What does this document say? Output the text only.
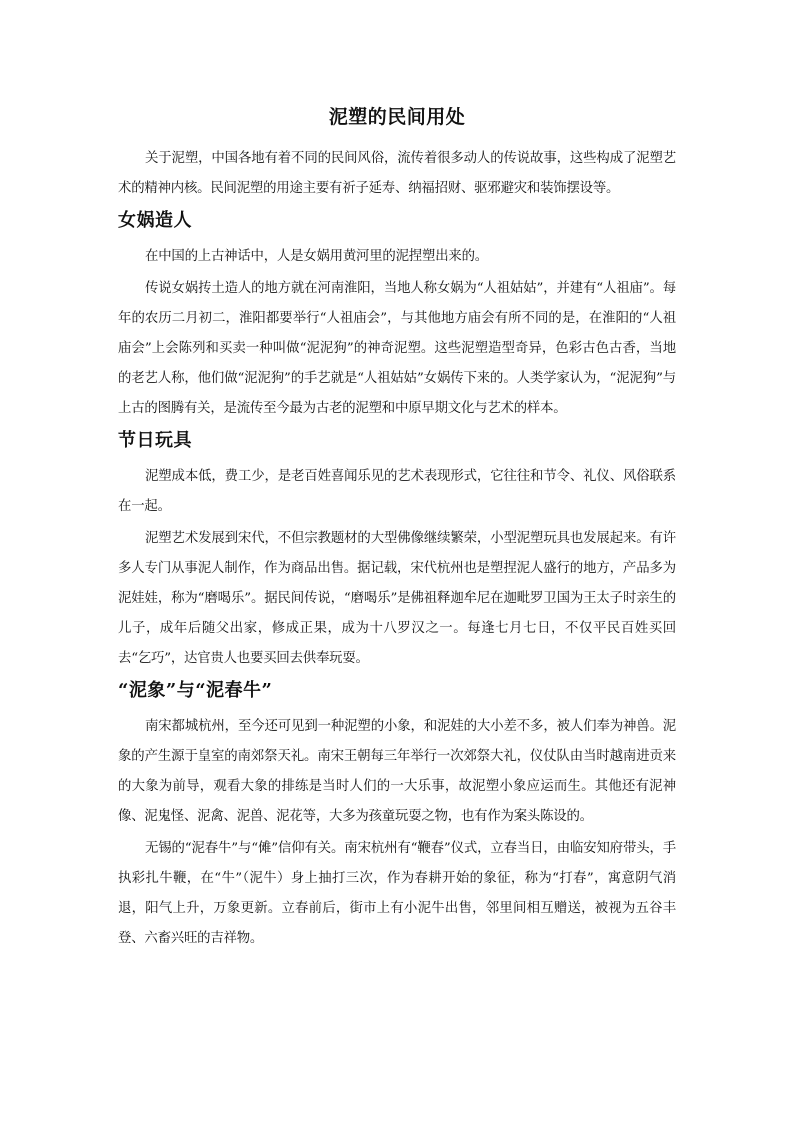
泥塑的民间用处

关于泥塑，中国各地有着不同的民间风俗，流传着很多动人的传说故事，这些构成了泥塑艺术的精神内核。民间泥塑的用途主要有祈子延寿、纳福招财、驱邪避灾和装饰摆设等。

女娲造人

在中国的上古神话中，人是女娲用黄河里的泥捏塑出来的。

传说女娲抟土造人的地方就在河南淮阳，当地人称女娲为“人祖姑姑”，并建有“人祖庙”。每年的农历二月初二，淮阳都要举行“人祖庙会”，与其他地方庙会有所不同的是，在淮阳的“人祖庙会”上会陈列和买卖一种叫做“泥泥狗”的神奇泥塑。这些泥塑造型奇异，色彩古色古香，当地的老艺人称，他们做“泥泥狗”的手艺就是“人祖姑姑”女娲传下来的。人类学家认为，“泥泥狗”与上古的图腾有关，是流传至今最为古老的泥塑和中原早期文化与艺术的样本。

节日玩具

泥塑成本低，费工少，是老百姓喜闻乐见的艺术表现形式，它往往和节令、礼仪、风俗联系在一起。

泥塑艺术发展到宋代，不但宗教题材的大型佛像继续繁荣，小型泥塑玩具也发展起来。有许多人专门从事泥人制作，作为商品出售。据记载，宋代杭州也是塑捏泥人盛行的地方，产品多为泥娃娃，称为“磨喝乐”。据民间传说，“磨喝乐”是佛祖释迦牟尼在迦毗罗卫国为王太子时亲生的儿子，成年后随父出家，修成正果，成为十八罗汉之一。每逢七月七日，不仅平民百姓买回去“乞巧”，达官贵人也要买回去供奉玩耍。

“泥象”与“泥春牛”

南宋都城杭州，至今还可见到一种泥塑的小象，和泥娃的大小差不多，被人们奉为神兽。泥象的产生源于皇室的南郊祭天礼。南宋王朝每三年举行一次郊祭大礼，仪仗队由当时越南进贡来的大象为前导，观看大象的排练是当时人们的一大乐事，故泥塑小象应运而生。其他还有泥神像、泥鬼怪、泥禽、泥兽、泥花等，大多为孩童玩耍之物，也有作为案头陈设的。

无锡的“泥春牛”与“傩”信仰有关。南宋杭州有“鞭春”仪式，立春当日，由临安知府带头，手执彩扎牛鞭，在“牛”（泥牛）身上抽打三次，作为春耕开始的象征，称为“打春”，寓意阴气消退，阳气上升，万象更新。立春前后，街市上有小泥牛出售，邻里间相互赠送，被视为五谷丰登、六畜兴旺的吉祥物。
